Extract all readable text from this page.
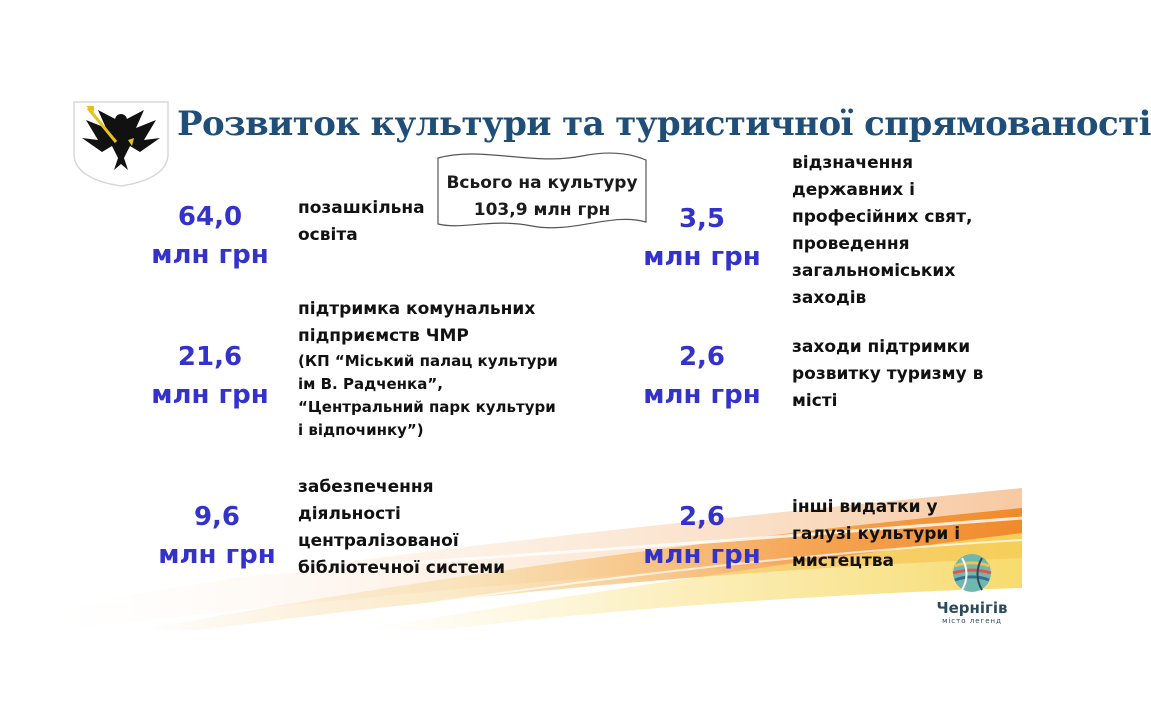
Розвиток культури та туристичної спрямованості
Всього на культуру
103,9 млн грн
64,0
млн грн
позашкільна
освіта
21,6
млн грн
підтримка комунальних
підприємств ЧМР
(КП “Міський палац культури
ім В. Радченка”,
“Центральний парк культури
і відпочинку”)
9,6
млн грн
забезпечення
діяльності
централізованої
бібліотечної системи
3,5
млн грн
відзначення
державних і
професійних свят,
проведення
загальноміських
заходів
2,6
млн грн
заходи підтримки
розвитку туризму в
місті
2,6
млн грн
інші видатки у
галузі культури і
мистецтва
Чернігів
місто легенд
